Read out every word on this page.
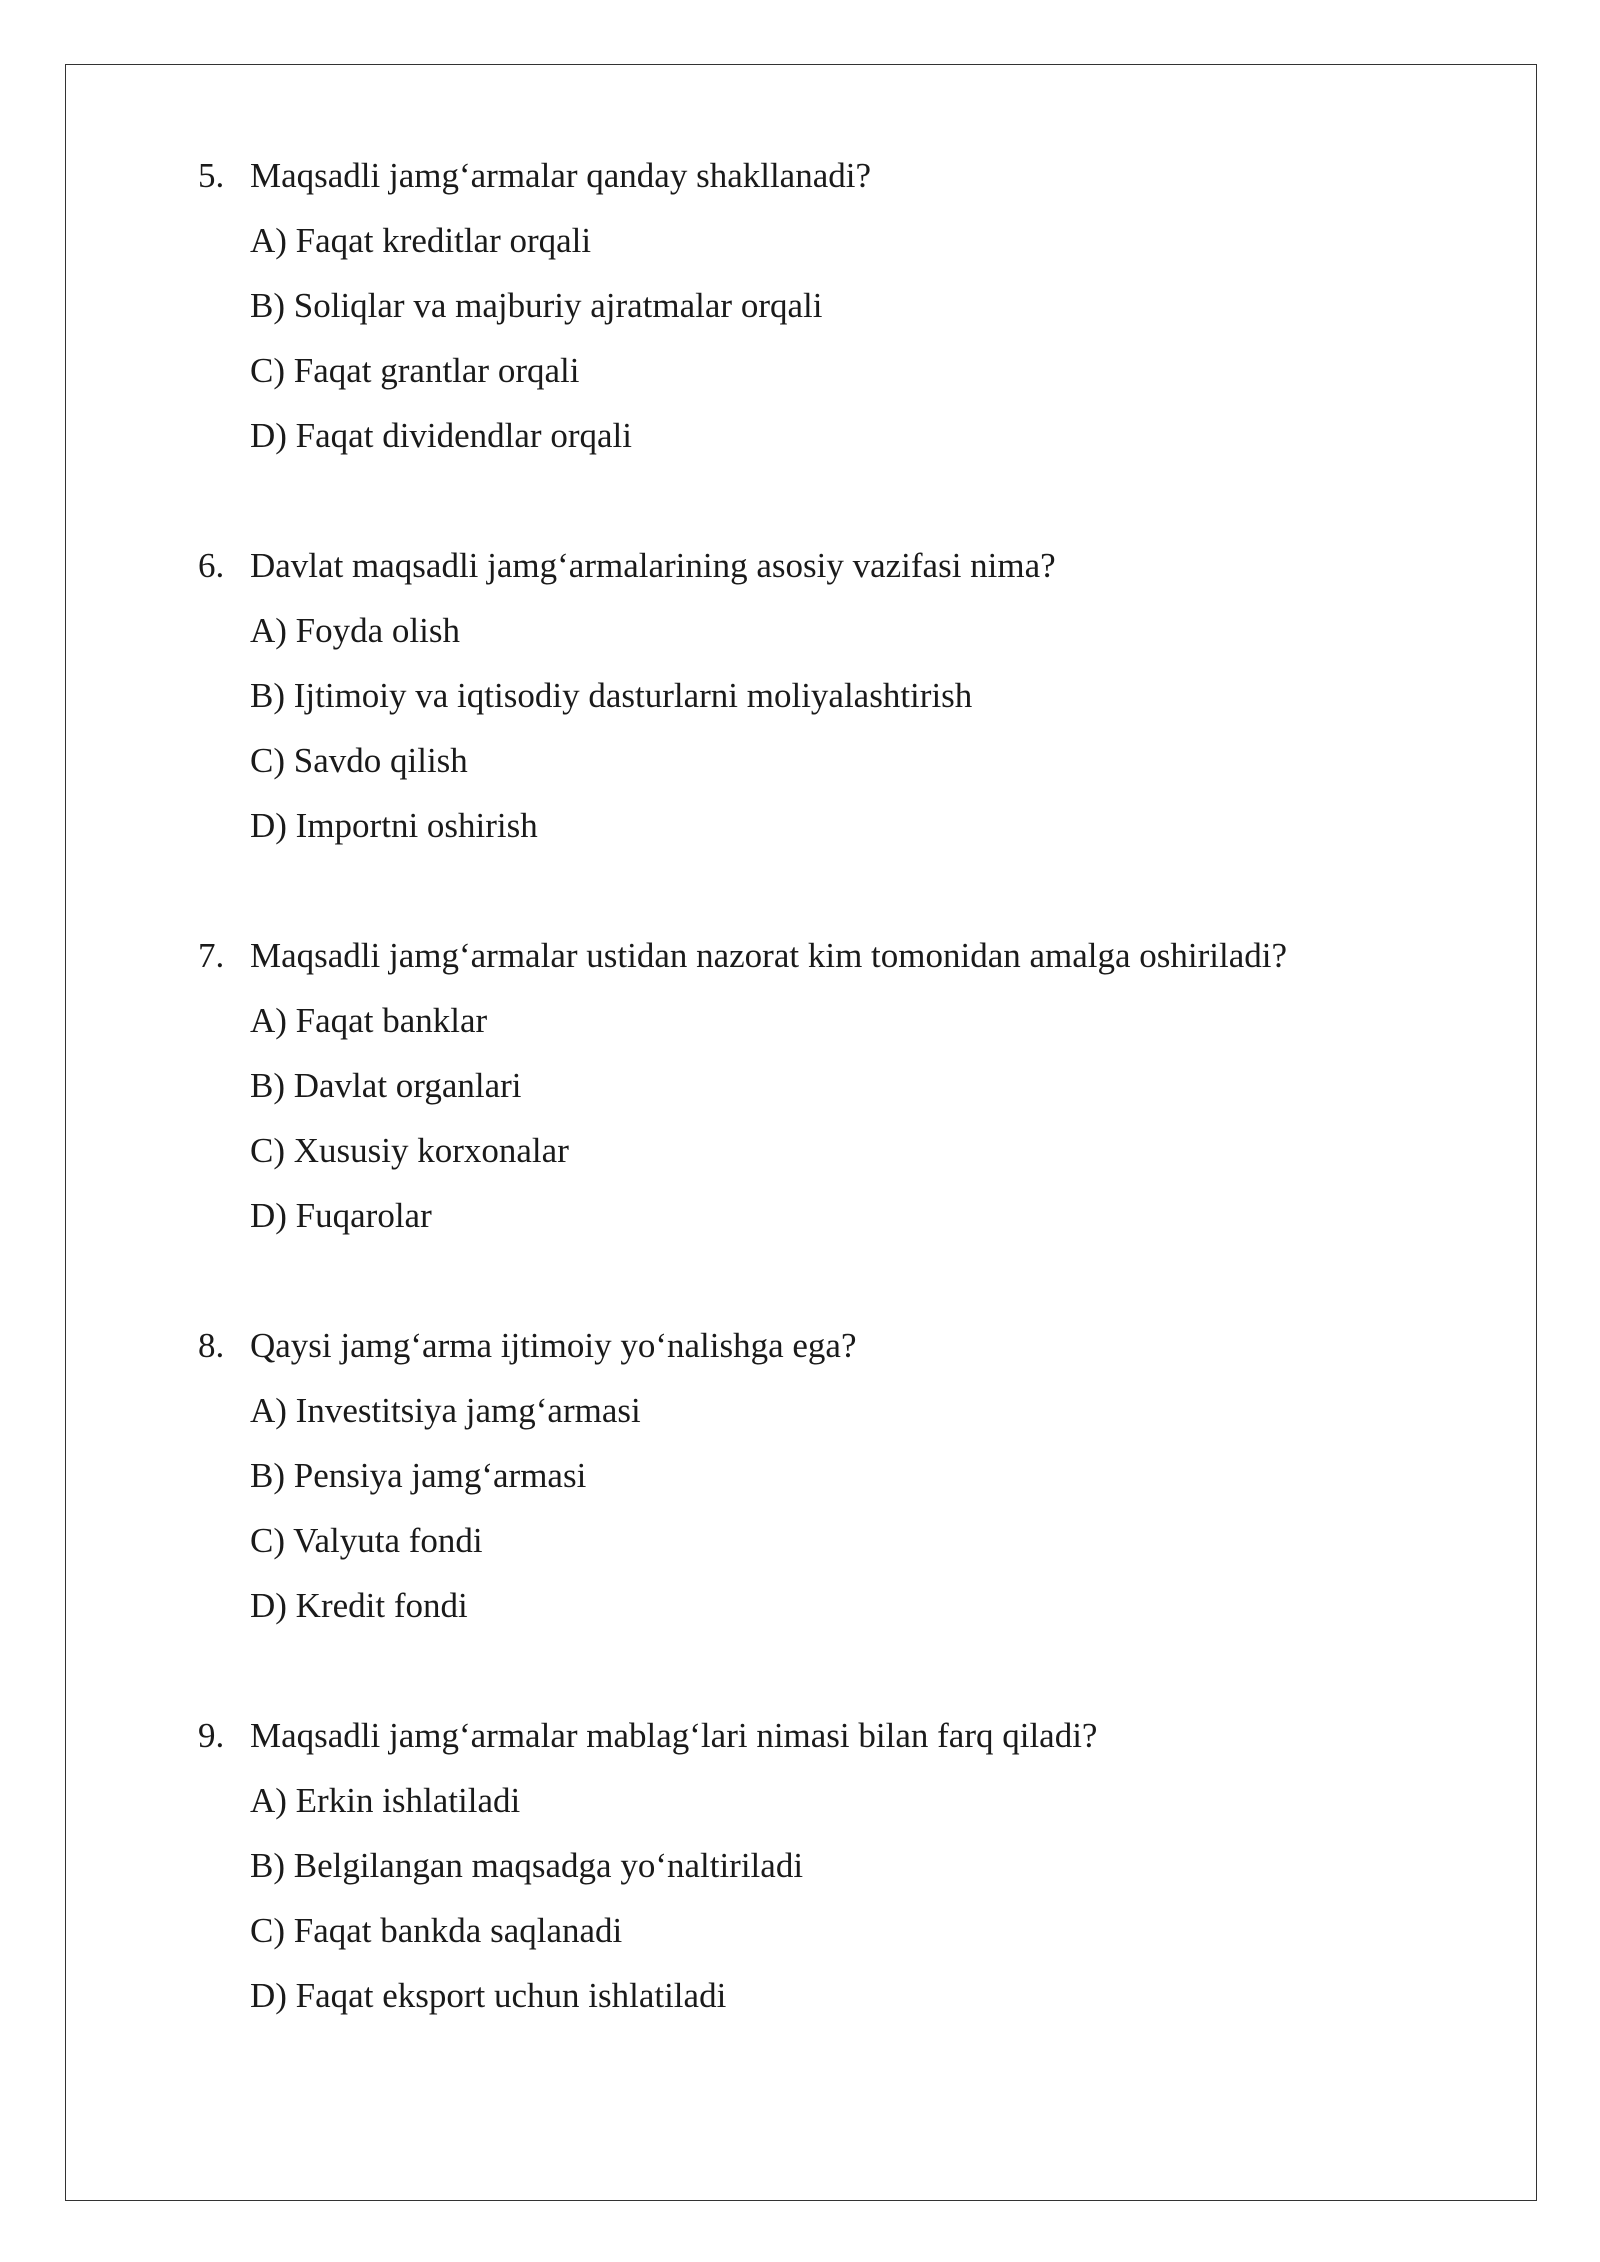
5. Maqsadli jamg‘armalar qanday shakllanadi?
A) Faqat kreditlar orqali
B) Soliqlar va majburiy ajratmalar orqali
C) Faqat grantlar orqali
D) Faqat dividendlar orqali
6. Davlat maqsadli jamg‘armalarining asosiy vazifasi nima?
A) Foyda olish
B) Ijtimoiy va iqtisodiy dasturlarni moliyalashtirish
C) Savdo qilish
D) Importni oshirish
7. Maqsadli jamg‘armalar ustidan nazorat kim tomonidan amalga oshiriladi?
A) Faqat banklar
B) Davlat organlari
C) Xususiy korxonalar
D) Fuqarolar
8. Qaysi jamg‘arma ijtimoiy yo‘nalishga ega?
A) Investitsiya jamg‘armasi
B) Pensiya jamg‘armasi
C) Valyuta fondi
D) Kredit fondi
9. Maqsadli jamg‘armalar mablag‘lari nimasi bilan farq qiladi?
A) Erkin ishlatiladi
B) Belgilangan maqsadga yo‘naltiriladi
C) Faqat bankda saqlanadi
D) Faqat eksport uchun ishlatiladi
